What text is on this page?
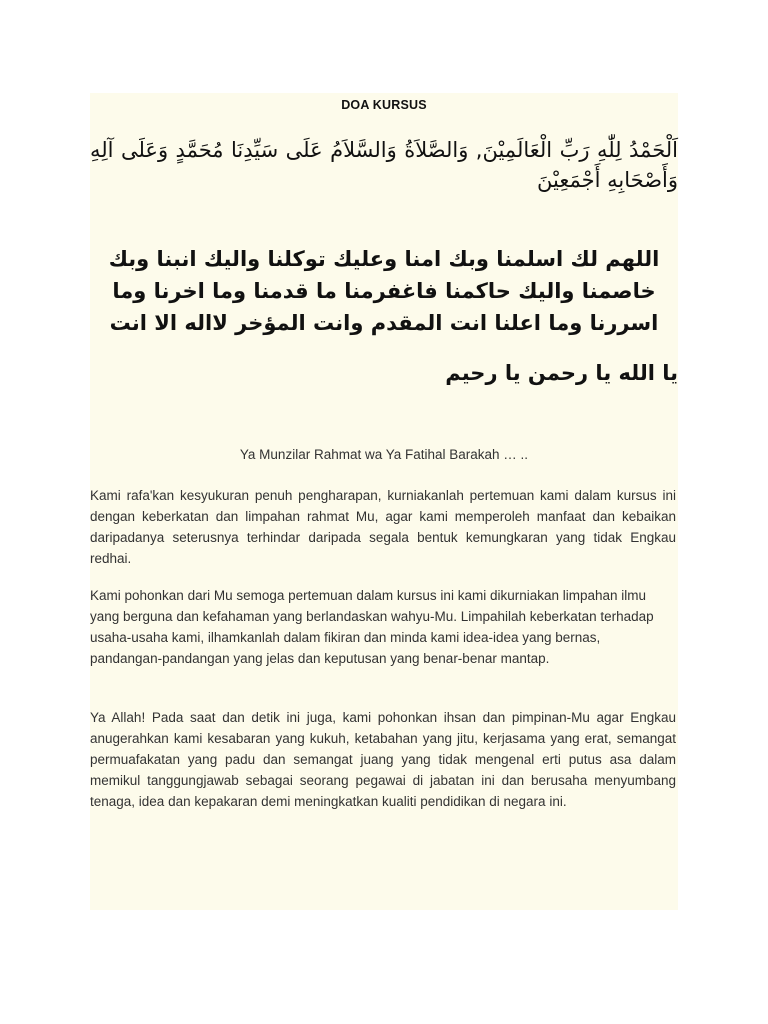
DOA KURSUS
اَلْحَمْدُ لِلّٰهِ رَبِّ الْعَالَمِيْنَ, وَالصَّلاَةُ وَالسَّلاَمُ عَلَى سَيِّدِنَا مُحَمَّدٍ وَعَلَى آلِهِ وَأَصْحَابِهِ أَجْمَعِيْنَ
اللهم لك اسلمنا وبك امنا وعليك توكلنا واليك انبنا وبك خاصمنا واليك حاكمنا فاغفرمنا ما قدمنا وما اخرنا وما اسررنا وما اعلنا انت المقدم وانت المؤخر لااله الا انت
يا الله يا رحمن يا رحيم
Ya Munzilar Rahmat wa Ya Fatihal Barakah … ..

Kami rafa'kan kesyukuran penuh pengharapan, kurniakanlah pertemuan kami dalam kursus ini dengan keberkatan dan limpahan rahmat Mu, agar kami memperoleh manfaat dan kebaikan daripadanya seterusnya terhindar daripada segala bentuk kemungkaran yang tidak Engkau redhai.

Kami pohonkan dari Mu semoga pertemuan dalam kursus ini kami dikurniakan limpahan ilmu yang berguna dan kefahaman yang berlandaskan wahyu-Mu. Limpahilah keberkatan terhadap usaha-usaha kami, ilhamkanlah dalam fikiran dan minda kami idea-idea yang bernas, pandangan-pandangan yang jelas dan keputusan yang benar-benar mantap.

Ya Allah! Pada saat dan detik ini juga, kami pohonkan ihsan dan pimpinan-Mu agar Engkau anugerahkan kami kesabaran yang kukuh, ketabahan yang jitu, kerjasama yang erat, semangat permuafakatan yang padu dan semangat juang yang tidak mengenal erti putus asa dalam memikul tanggungjawab sebagai seorang pegawai di jabatan ini dan berusaha menyumbang tenaga, idea dan kepakaran demi meningkatkan kualiti pendidikan di negara ini.
